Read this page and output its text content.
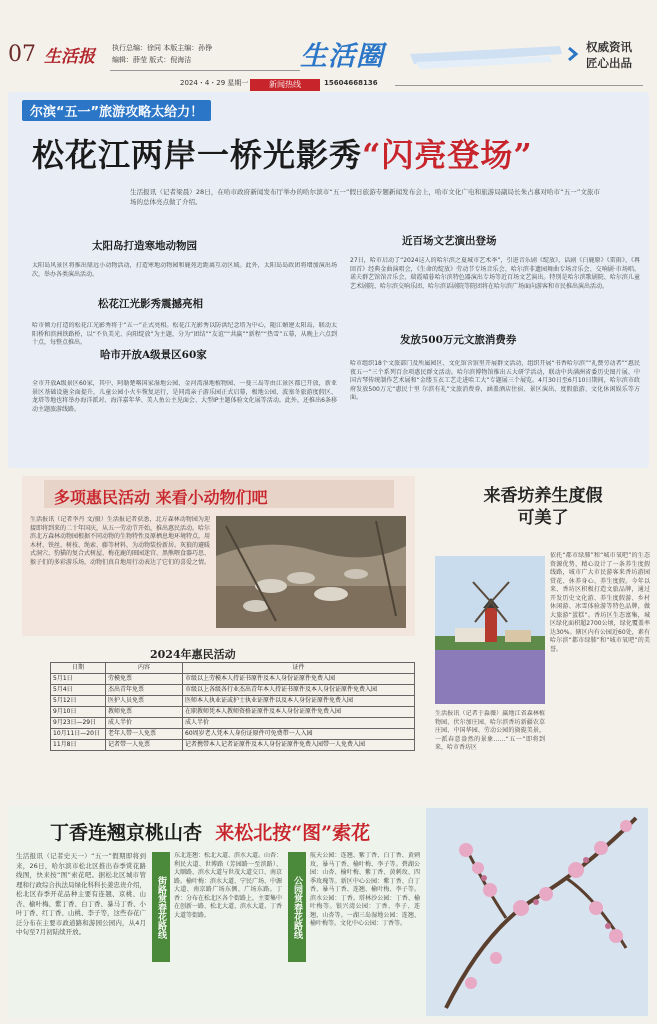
07 生活报 执行总编：徐同 本版主编：孙铮
编辑：薛莹 版式：倪海洁
2024・4・29 星期一	新闻热线	15604668136
生活圈	权威资讯
匠心出品
尔滨“五一”旅游攻略太给力！
松花江两岸一桥光影秀“闪亮登场”
生活报讯（记者梁晨）28日，在哈市政府新闻发布厅举办的哈尔滨市“五一”假日旅游专题新闻发布会上，哈市文化广电和旅游局副局长朱占慕对哈市“五一”文旅市场的总体亮点做了介绍。
太阳岛打造寒地动物园
太阳岛风景区将推出鼎远小动物活动，打造寒地动物园和鹿苑近距离互动区域。此外，太阳岛岛政团将增加演出场次，举办各类演出活动。
松花江光影秀震撼亮相
哈市倾力打造的松花江光影秀将于“五一”正式亮相。松花江光影秀以防洪纪念塔为中心，随江媚建太阳岛，联动太阳桥和滨洲铁路桥，以“不负美光、向阳绽放”为主题，分为“团结”“友谊”“共赢”“新程”“热雪”五幕，从晚上六点到十点，每整点推出。
哈市开放A级景区60家
全市开放A级景区60家，其中，阿勒楚喀国家湿地公园、金河湾湿地植物园、一曼三岛等由江景区都已开放，新亚景区基础设施全面提升，儿童公园小火车恢复运行，是同湾亲子游乐园正式启幕，极地公园、波塞冬旅游度假区、龙塔等地也将举办海洋派对、海洋嘉年华、美人鱼公主见面会、大型IP主题体验文化展等活动。此外，还推出6条移动主题旅游线路。
近百场文艺演出登场
27日，哈市启动了“2024这人的哈尔滨之夏城市艺术季”，引进音乐剧《绽放》、话剧《白鹿原》《雷雨》、《再回首》经典金曲演唱会，《生命的绽放》劳动节专场音乐会、哈尔滨非遗园舞曲专场音乐会、交响剧·市场唱。诺夫群艺馆馆音乐会、瑞霞晴暮哈尔滨特色器演出专场等近百场文艺演出。特别是哈尔滨歌剧院、哈尔滨儿童艺术剧院、哈尔滨交响乐团、哈尔滨话剧院等院团将在哈尔滨广场面向游客和市民推出演出活动。
发放500万元文旅消费券
哈市组织18个文旅部门及所属园区、文化馆含馆里开展群文活动，组织开展“书香哈尔滨”“礼赞劳动者”“惠民夜五一”三个系列百余项惠民群文活动。哈尔滨博物馆推出五大研学活动，联动中共满洲省委历史图片展、中国古琴传统制作艺术展和“金缕玉衣工艺走进哈工大”专题展三个展览。4月30日至6月10日期间，哈尔滨市政府发放500万元“惠民十里 尔滨有礼”文旅消费券，涵盖酒店住宿、景区演出、度假旅游、文化休闲娱乐等方面。
多项惠民活动 来看小动物们吧
生活报讯（记者李丹 文/摄）生活报记者获悉，北方森林动物园为迎接即将到来的二十年国庆，从五一劳动节开始，推出惠民活动。哈尔滨北方森林动物园根据不同动物的生物特性及原栖息地环境特点，用木材、铁丝、树枝、绳索、藤等材料，为动物装扮新居。灰狼的避暖式洞穴、豹猫的复合式树屋、梅花鹿的圈园迷宫、黑熊喂食器巧思、猴子们的多彩游乐场，动物们真自地用行动表达了它们的喜爱之情。
2024年惠民活动
日期	内容	证件
5月1日	劳模免票	市级以上劳模本人持证书原件及本人身份证原件免费入园
5月4日	杰出青年免票	市级以上各级各行业杰出青年本人持证书原件及本人身份证原件免费入园
5月12日	医护人员免票	医师本人执业证或护士执业证原件以及本人身份证原件免费入园
9月10日	教师免票	在职教师凭本人教师资格证原件及本人身份证原件免费入园
9月23日—29日	成人半价	成人半价
10月11日—20日	老年人带一人免票	60周岁老人凭本人身份证原件可免费带一人入园
11月8日	记者带一人免票	记者携带本人记者证原件及本人身份证原件免费入园带一人免费入园
来香坊养生度假
可美了
依托“都市绿肺”和“城市氧吧”的生态资源优势，精心设计了一条养生度假线路，城市广大市民游客来香坊游园赏花、休养身心、养生度假。今年以来，香坊区积极打造文旅品牌，通过开发历史文化游、养生度假游、乡村休闲游、冰雪体验游等特色品牌，做大旅游“蛋糕”。香坊区生态富集，城区绿化面积超2700公顷，绿化覆盖率达30%。辖区内有公园近60处，素有哈尔滨“都市绿肺”和“城市氧吧”的美誉。
生活报讯（记者于淼薇）赢地江省森林植物园、伏尔加庄园、哈尔滨香坊新疆农草庄园、中国华园、劳动公园的旖旎美景，一派春意盎然的景象……“五一”即将到来，哈市香坊区
丁香连翘京桃山杏 来松北按“图”索花
生活报讯（记者史天一）“五一”假期即将到来，26日，哈尔滨市松北区推出春季赏花路线图，快来按“图”索花吧。据松北区城市管理和行政综合执法局绿化科科长姜忠贵介绍，松北区春季开花品种主要有连翘、京桃、山杏、榆叶梅、紫丁香、白丁香、暴马丁香、小叶丁香、红丁香、山桃、李子等，这些春花广泛分布在主要市政道路和游园公园内，从4月中旬至7月初陆续开放。	街路赏春花路线
东北连翘：松北大道、滨水大道。山杏：利民大道、世博路（芳园路一至滨路）、大顺路、滨水大道与世茂大道交口、南京路。榆叶梅：滨水大道、宁民广场、中源大道、南京路广场东侧、广场东路。丁香：分布在松北区各个街路上，主要集中在创新一路、松北大道、滨水大道、丁香大道等街路。	公园赏春花路线
航天公园：连翘、紫丁香、白丁香、黄刺玫、暴马丁香、榆叶梅、李子等。碧湖公园：山杏、榆叶梅、紫丁香、黄刺玫、四季玫瑰等。新区中心公园：紫丁香、白丁香、暴马丁香、连翘、榆叶梅、李子等。滨水公园：丁香。塔林沙公园：丁香、榆叶梅等。银兴湾公园：丁香、李子、连翘、山杏等。一湖三岛湿地公园：连翘、榆叶梅等。文化中心公园：丁香等。
